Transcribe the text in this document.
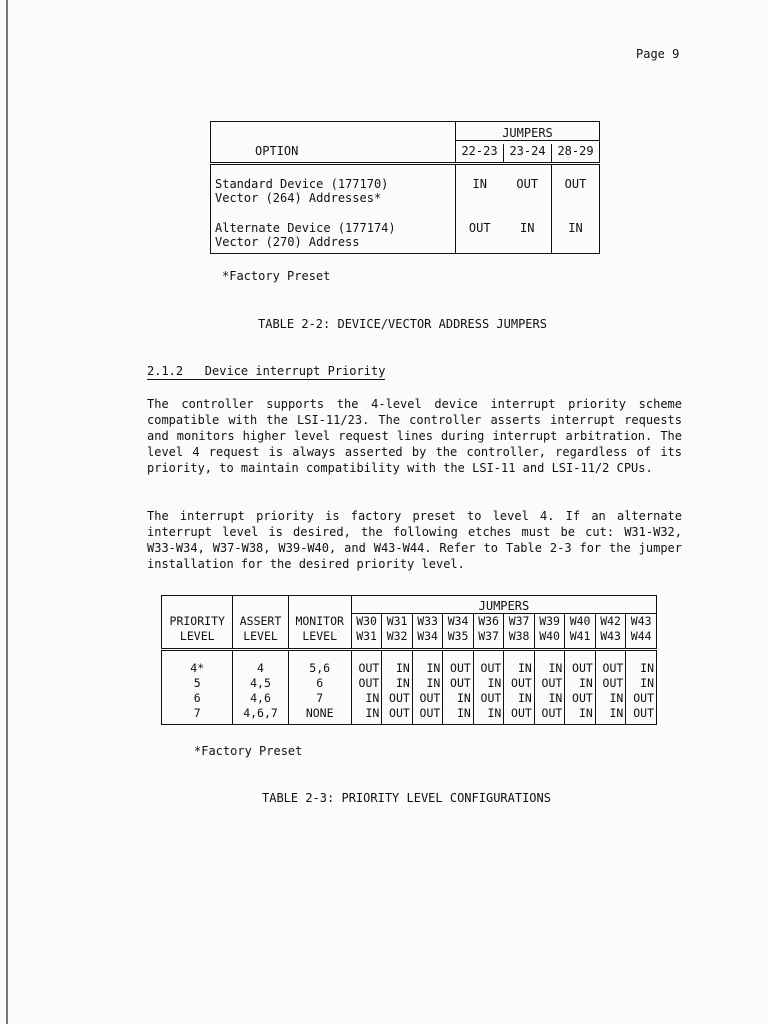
Page 9

	JUMPERS		

OPTION	22-23	23-24	28-29

Standard Device (177170)
Vector (264) Addresses*	IN	OUT	OUT

Alternate Device (177174)
Vector (270) Address	OUT	IN	IN
*Factory Preset
TABLE 2-2: DEVICE/VECTOR ADDRESS JUMPERS
2.1.2   Device interrupt Priority
The controller supports the 4-level device interrupt priority scheme compatible with the LSI-11/23. The controller asserts interrupt requests and monitors higher level request lines during interrupt arbitration. The level 4 request is always asserted by the controller, regardless of its priority, to maintain compatibility with the LSI-11 and LSI-11/2 CPUs.
The interrupt priority is factory preset to level 4. If an alternate interrupt level is desired, the following etches must be cut: W31-W32, W33-W34, W37-W38, W39-W40, and W43-W44. Refer to Table 2-3 for the jumper installation for the desired priority level.

			JUMPERS									

PRIORITY	ASSERT	MONITOR	W30	W31	W33	W34	W36	W37	W39	W40	W42	W43
LEVEL	LEVEL	LEVEL	W31	W32	W34	W35	W37	W38	W40	W41	W43	W44

4*	4	5,6	OUT	IN	IN	OUT	OUT	IN	IN	OUT	OUT	IN
5	4,5	6	OUT	IN	IN	OUT	IN	OUT	OUT	IN	OUT	IN
6	4,6	7	IN	OUT	OUT	IN	OUT	IN	IN	OUT	IN	OUT
7	4,6,7	NONE	IN	OUT	OUT	IN	IN	OUT	OUT	IN	IN	OUT
*Factory Preset
TABLE 2-3: PRIORITY LEVEL CONFIGURATIONS
